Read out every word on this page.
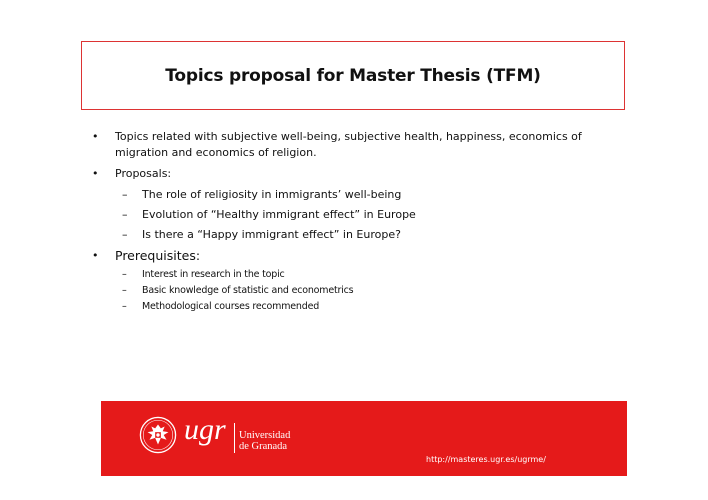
Topics proposal for Master Thesis (TFM)
• Topics related with subjective well-being, subjective health, happiness, economics of migration and economics of religion.
• Proposals:
– The role of religiosity in immigrants’ well-being
– Evolution of “Healthy immigrant effect” in Europe
– Is there a “Happy immigrant effect” in Europe?
• Prerequisites:
– Interest in research in the topic
– Basic knowledge of statistic and econometrics
– Methodological courses recommended
ugr Universidad
de Granada
http://masteres.ugr.es/ugrme/
